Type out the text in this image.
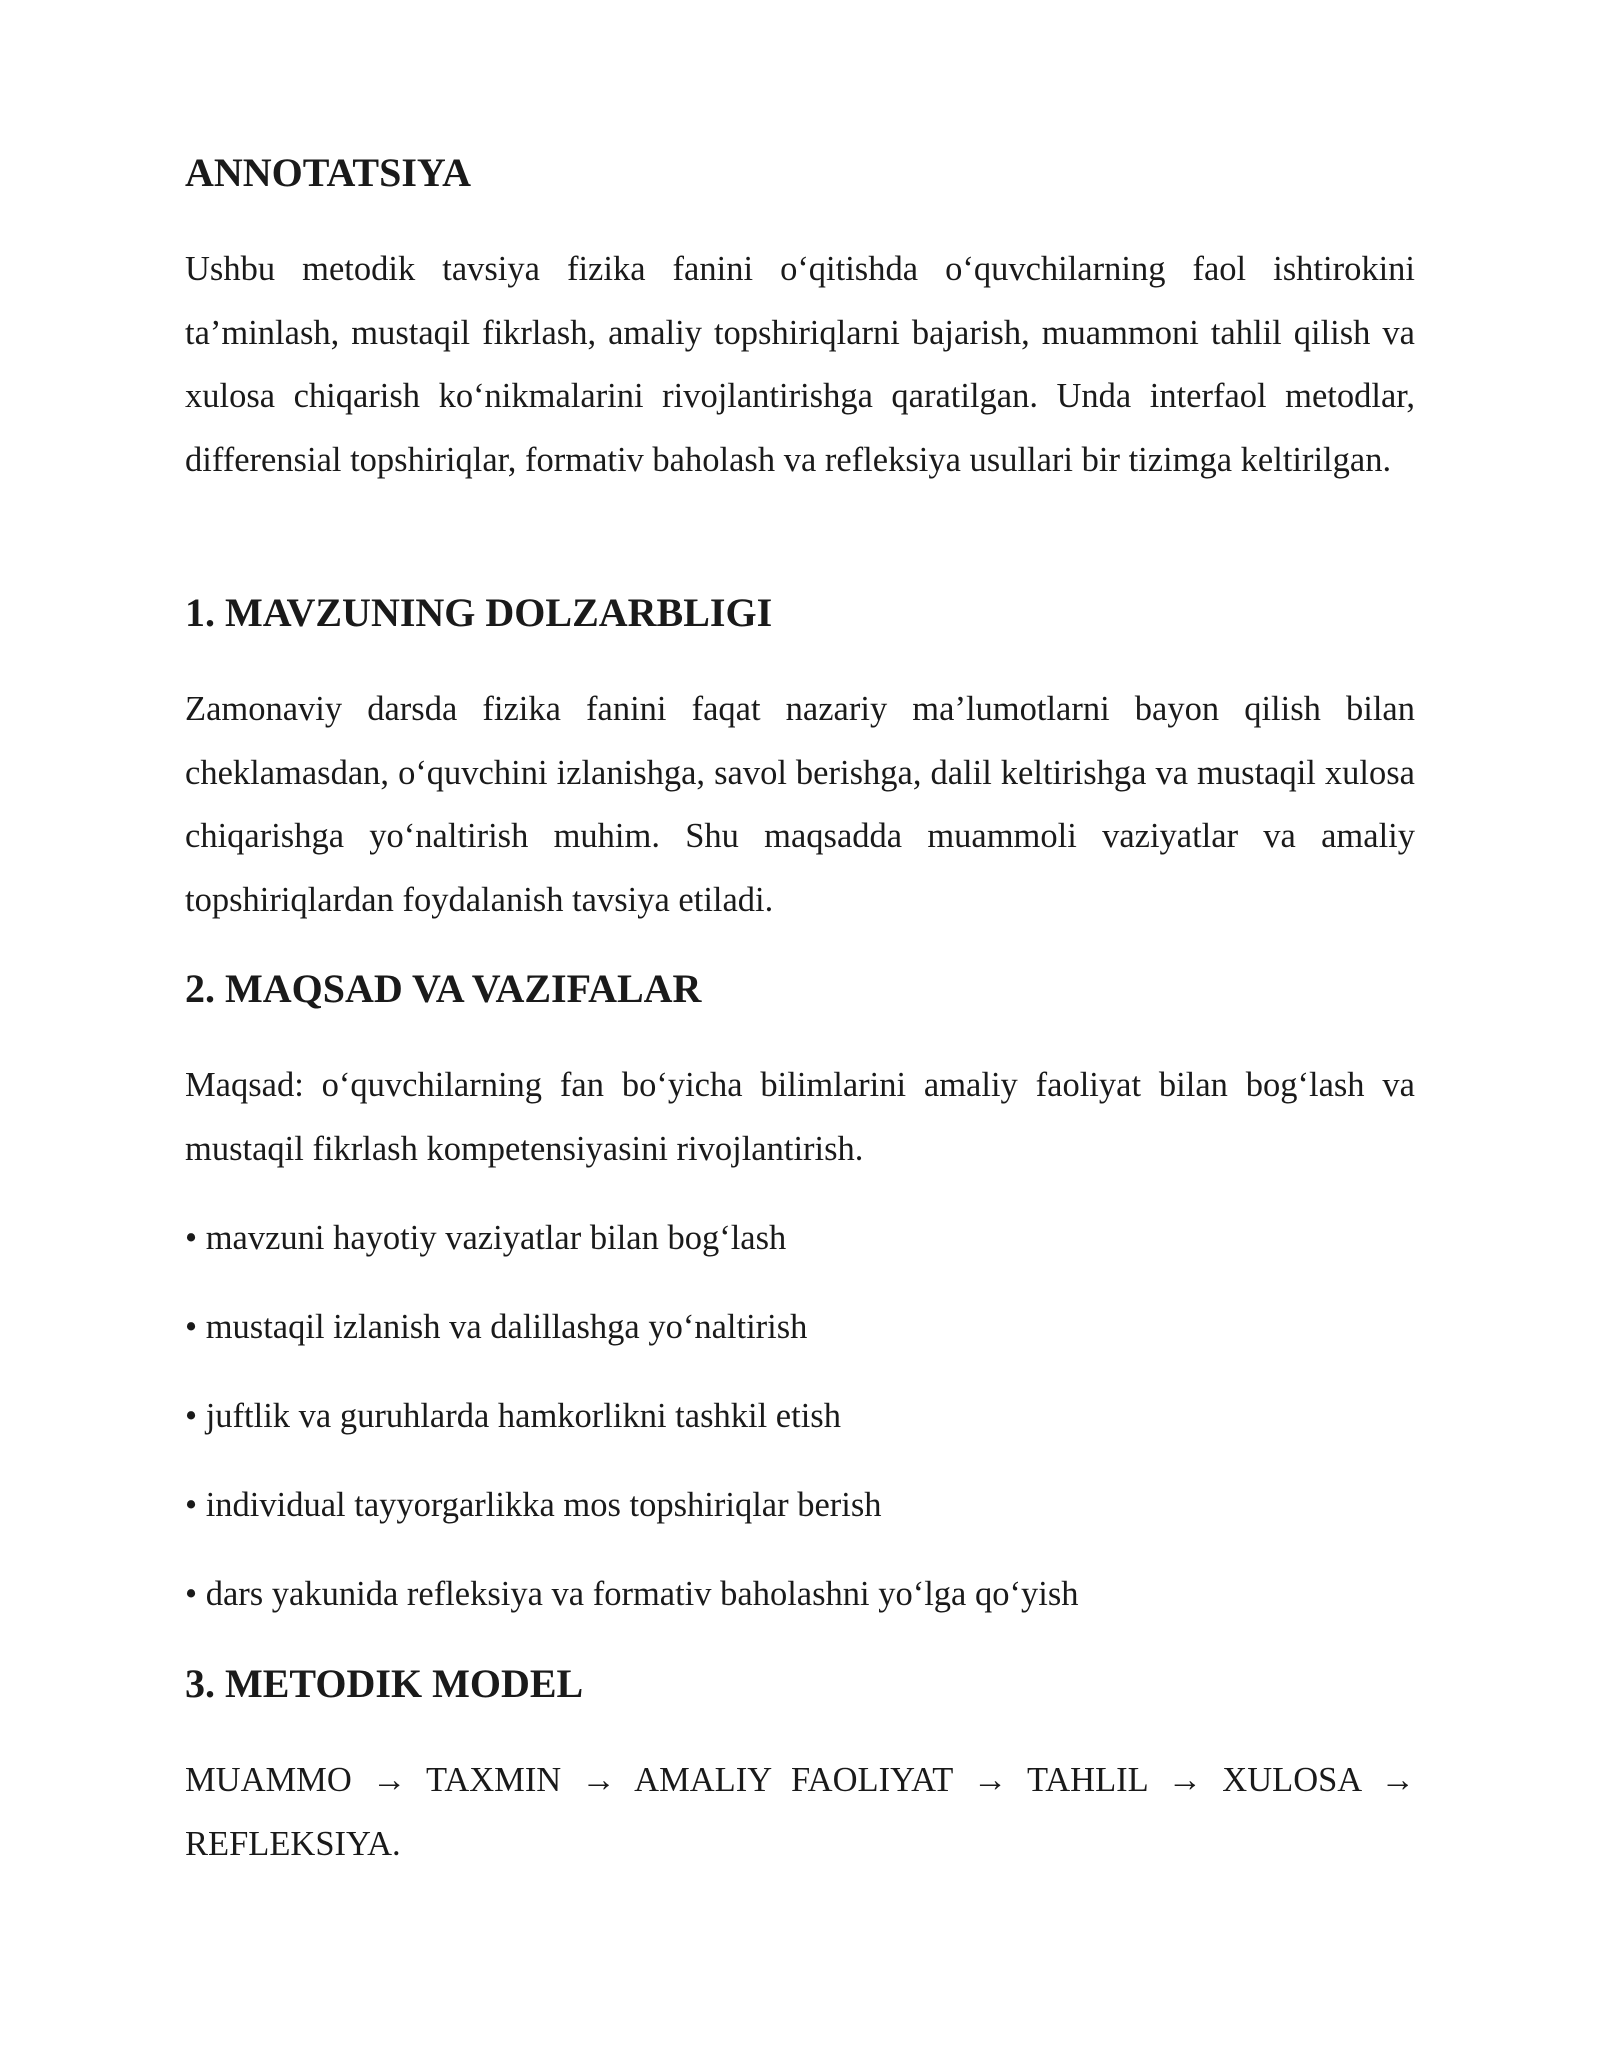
ANNOTATSIYA

Ushbu metodik tavsiya fizika fanini o‘qitishda o‘quvchilarning faol ishtirokini ta’minlash, mustaqil fikrlash, amaliy topshiriqlarni bajarish, muammoni tahlil qilish va xulosa chiqarish ko‘nikmalarini rivojlantirishga qaratilgan. Unda interfaol metodlar, differensial topshiriqlar, formativ baholash va refleksiya usullari bir tizimga keltirilgan.

1. MAVZUNING DOLZARBLIGI

Zamonaviy darsda fizika fanini faqat nazariy ma’lumotlarni bayon qilish bilan cheklamasdan, o‘quvchini izlanishga, savol berishga, dalil keltirishga va mustaqil xulosa chiqarishga yo‘naltirish muhim. Shu maqsadda muammoli vaziyatlar va amaliy topshiriqlardan foydalanish tavsiya etiladi.

2. MAQSAD VA VAZIFALAR

Maqsad: o‘quvchilarning fan bo‘yicha bilimlarini amaliy faoliyat bilan bog‘lash va mustaqil fikrlash kompetensiyasini rivojlantirish.

• mavzuni hayotiy vaziyatlar bilan bog‘lash
• mustaqil izlanish va dalillashga yo‘naltirish
• juftlik va guruhlarda hamkorlikni tashkil etish
• individual tayyorgarlikka mos topshiriqlar berish
• dars yakunida refleksiya va formativ baholashni yo‘lga qo‘yish
3. METODIK MODEL

MUAMMO → TAXMIN → AMALIY FAOLIYAT → TAHLIL → XULOSA → REFLEKSIYA.
